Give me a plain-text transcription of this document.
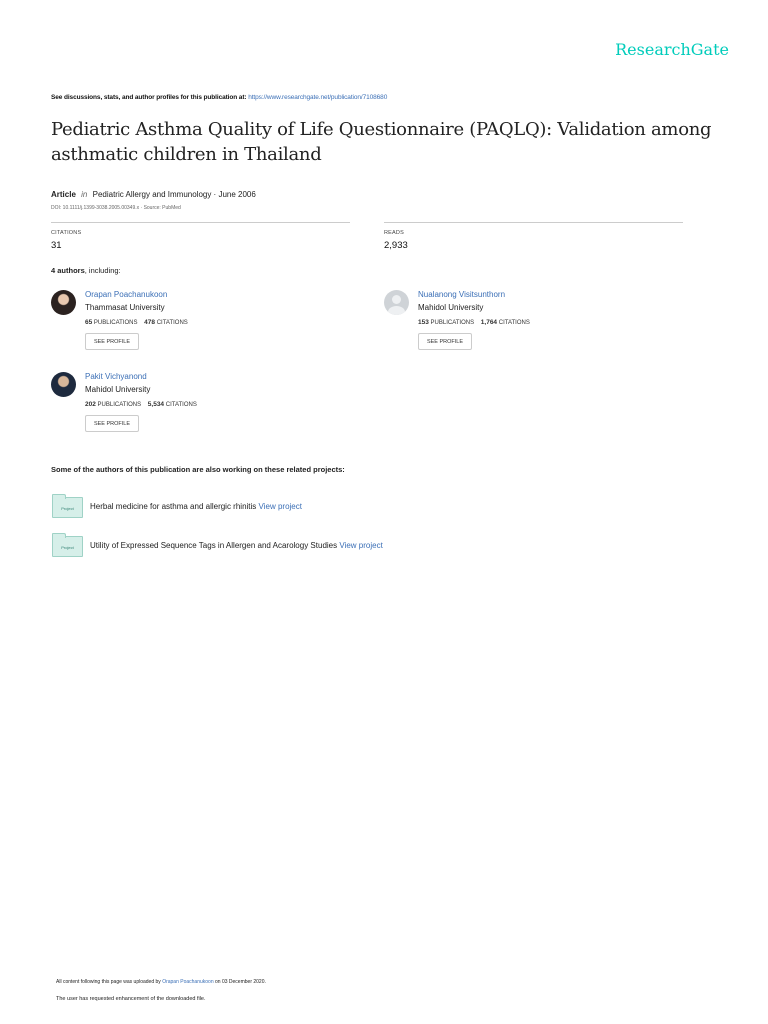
ResearchGate
See discussions, stats, and author profiles for this publication at: https://www.researchgate.net/publication/7108680
Pediatric Asthma Quality of Life Questionnaire (PAQLQ): Validation among asthmatic children in Thailand
Article in Pediatric Allergy and Immunology · June 2006
DOI: 10.1111/j.1399-3038.2005.00349.x · Source: PubMed
CITATIONS
31
READS
2,933
4 authors, including:
Orapan Poachanukoon
Thammasat University
65 PUBLICATIONS 478 CITATIONS
SEE PROFILE
Nualanong Visitsunthorn
Mahidol University
153 PUBLICATIONS 1,764 CITATIONS
SEE PROFILE
Pakit Vichyanond
Mahidol University
202 PUBLICATIONS 5,534 CITATIONS
SEE PROFILE
Some of the authors of this publication are also working on these related projects:
Project	Herbal medicine for asthma and allergic rhinitis View project
Project	Utility of Expressed Sequence Tags in Allergen and Acarology Studies View project
All content following this page was uploaded by Orapan Poachanukoon on 03 December 2020.
The user has requested enhancement of the downloaded file.
